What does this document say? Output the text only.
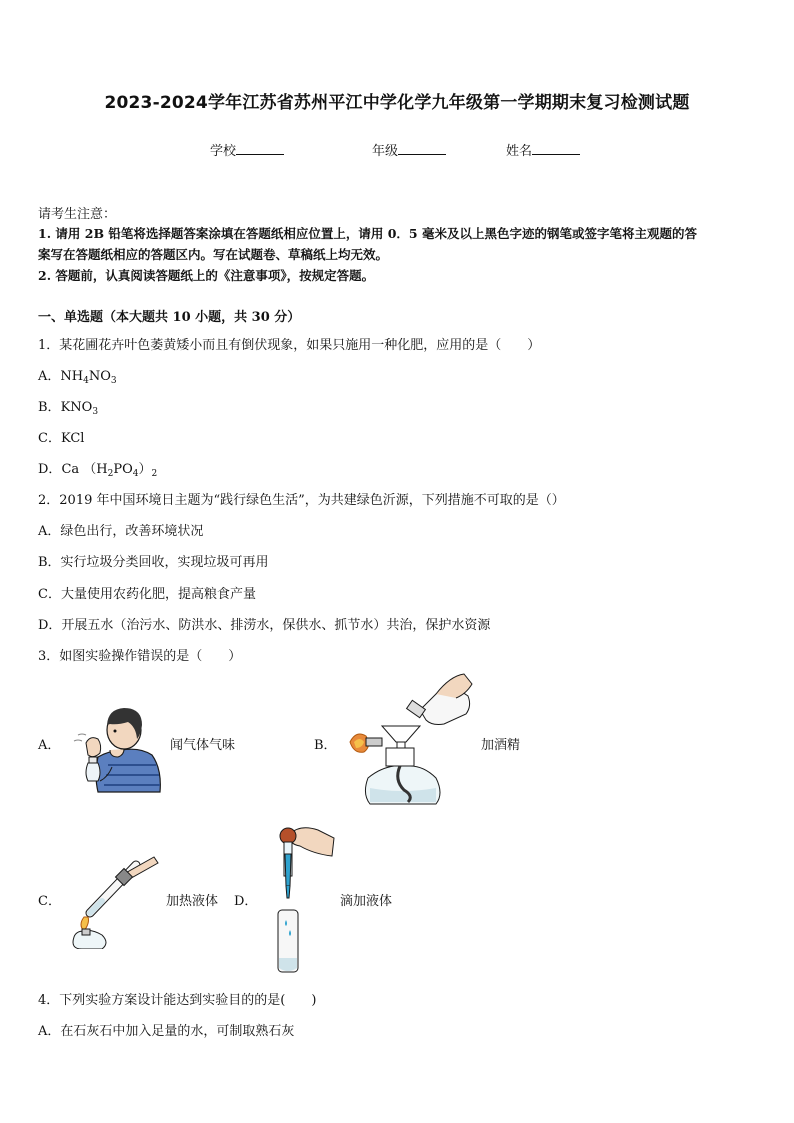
2023-2024学年江苏省苏州平江中学化学九年级第一学期期末复习检测试题
学校	年级	姓名
请考生注意：
1. 请用 2B 铅笔将选择题答案涂填在答题纸相应位置上，请用 0．5 毫米及以上黑色字迹的钢笔或签字笔将主观题的答
案写在答题纸相应的答题区内。写在试题卷、草稿纸上均无效。
2. 答题前，认真阅读答题纸上的《注意事项》，按规定答题。
一、单选题（本大题共 10 小题，共 30 分）
1．某花圃花卉叶色萎黄矮小而且有倒伏现象，如果只施用一种化肥，应用的是（　　）
A．$NH_4NO_3$
B．$KNO_3$
C．KCl
D．Ca $(H_2PO_4)_2$
2．2019 年中国环境日主题为“践行绿色生活”，为共建绿色沂源，下列措施不可取的是（）
A．绿色出行，改善环境状况
B．实行垃圾分类回收，实现垃圾可再用
C．大量使用农药化肥，提高粮食产量
D．开展五水（治污水、防洪水、排涝水，保供水、抓节水）共治，保护水资源
3．如图实验操作错误的是（　　）
A．	闻气体气味	B．	加酒精
C．	加热液体 D．	滴加液体
4．下列实验方案设计能达到实验目的的是(　　)
A．在石灰石中加入足量的水，可制取熟石灰
